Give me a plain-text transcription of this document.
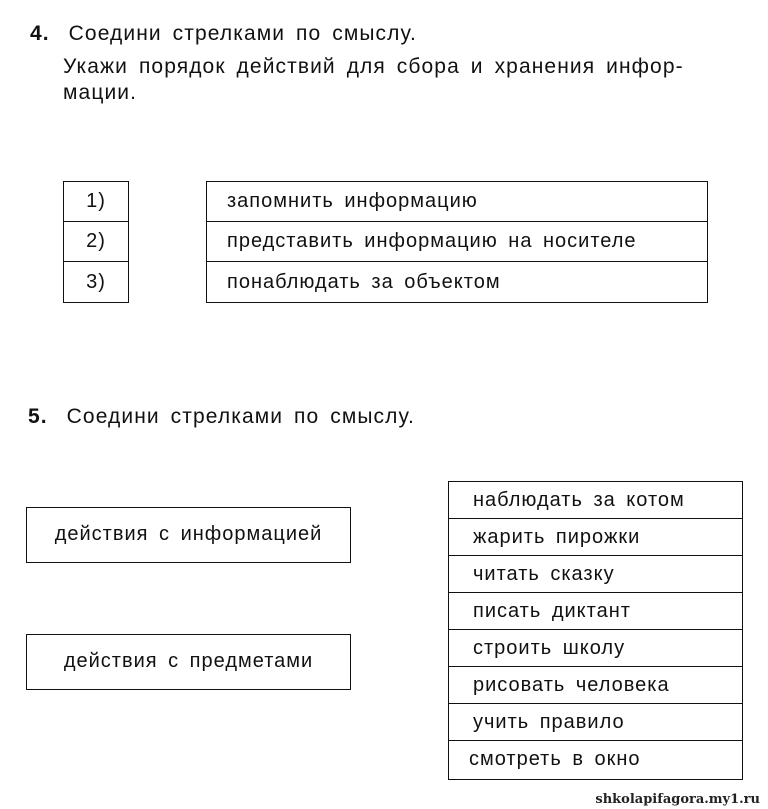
4. Соедини стрелками по смыслу.
Укажи порядок действий для сбора и хранения инфор-
мации.
1)
2)
3)
запомнить информацию
представить информацию на носителе
понаблюдать за объектом
5. Соедини стрелками по смыслу.
действия с информацией
действия с предметами
наблюдать за котом
жарить пирожки
читать сказку
писать диктант
строить школу
рисовать человека
учить правило
смотреть в окно
shkolapifagora.my1.ru
